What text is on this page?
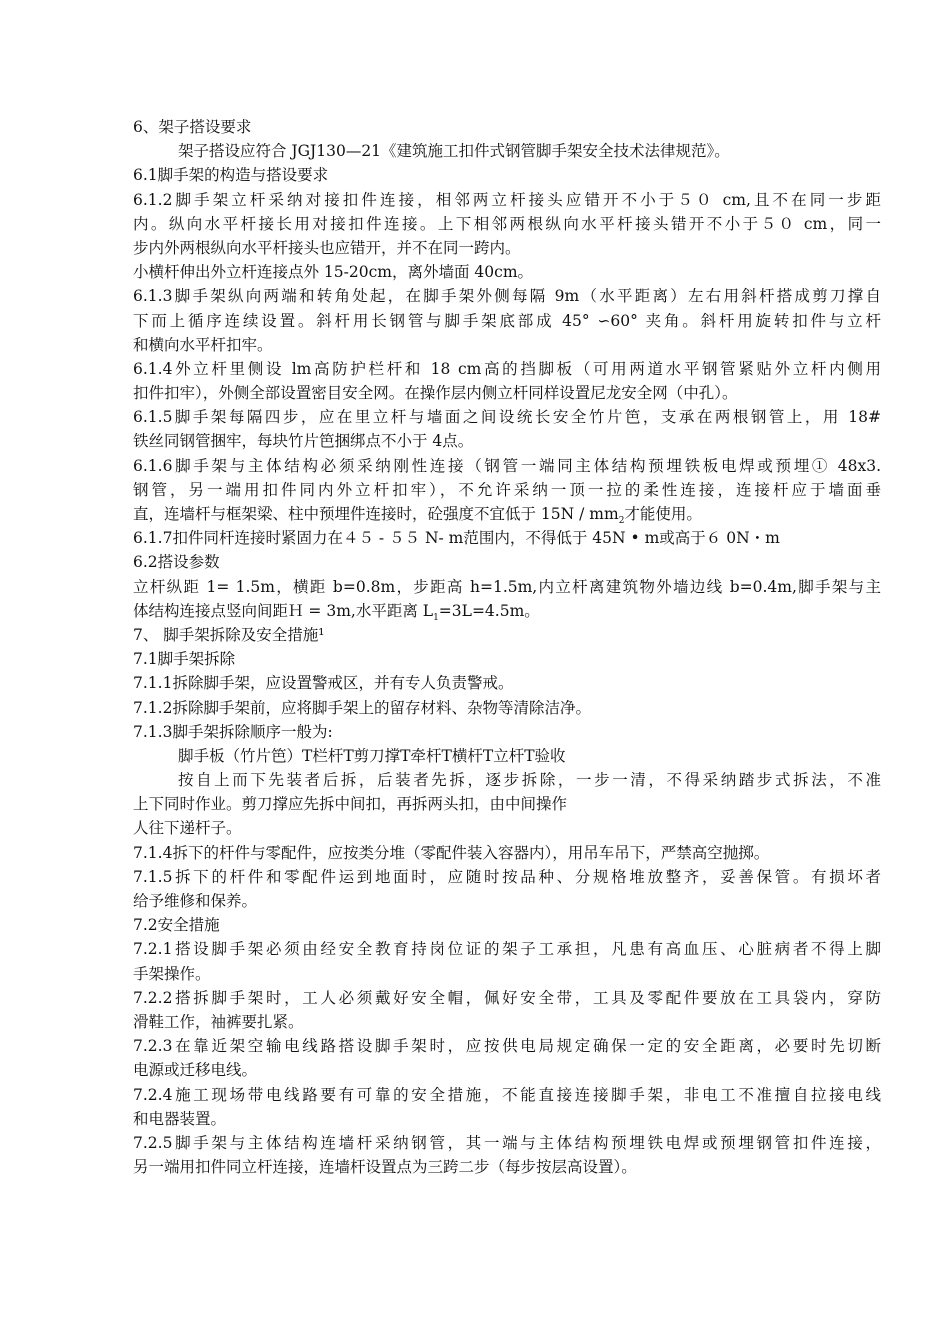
6、架子搭设要求
架子搭设应符合 JGJ130—21《建筑施工扣件式钢管脚手架安全技术法律规范》。
6.1脚手架的构造与搭设要求
6.1.2脚手架立杆采纳对接扣件连接，相邻两立杆接头应错开不小于５０ cm,且不在同一步距
内。纵向水平杆接长用对接扣件连接。上下相邻两根纵向水平杆接头错开不小于５０ cm，同一
步内外两根纵向水平杆接头也应错开，并不在同一跨内。
小横杆伸出外立杆连接点外 15-20cm，离外墙面 40cm。
6.1.3脚手架纵向两端和转角处起，在脚手架外侧每隔 9m（水平距离）左右用斜杆搭成剪刀撑自
下而上循序连续设置。斜杆用长钢管与脚手架底部成 45° ∽60° 夹角。斜杆用旋转扣件与立杆
和横向水平杆扣牢。
6.1.4外立杆里侧设 lm高防护栏杆和 18 cm高的挡脚板（可用两道水平钢管紧贴外立杆内侧用
扣件扣牢），外侧全部设置密目安全网。在操作层内侧立杆同样设置尼龙安全网（中孔）。
6.1.5脚手架每隔四步，应在里立杆与墙面之间设统长安全竹片笆，支承在两根钢管上，用 18#
铁丝同钢管捆牢，每块竹片笆捆绑点不小于 4点。
6.1.6脚手架与主体结构必须采纳刚性连接（钢管一端同主体结构预埋铁板电焊或预埋① 48x3.
钢管，另一端用扣件同内外立杆扣牢），不允许采纳一顶一拉的柔性连接，连接杆应于墙面垂
直，连墙杆与框架梁、柱中预埋件连接时，砼强度不宜低于 $15N / mm_2$才能使用。
6.1.7扣件同杆连接时紧固力在４５ - ５５ N- m范围内，不得低于 45N • m或高于６ 0N・m
6.2搭设参数
立杆纵距 1= 1.5m，横距 b=0.8m，步距高 h=1.5m,内立杆离建筑物外墙边线 b=0.4m,脚手架与主
体结构连接点竖向间距Ｈ = 3m,水平距离 $L_1=3L=4.5m$。
7、 脚手架拆除及安全措施¹
7.1脚手架拆除
7.1.1拆除脚手架，应设置警戒区，并有专人负责警戒。
7.1.2拆除脚手架前，应将脚手架上的留存材料、杂物等清除洁净。
7.1.3脚手架拆除顺序一般为:
脚手板（竹片笆）T栏杆T剪刀撑T牵杆T横杆T立杆T验收
按自上而下先装者后拆，后装者先拆，逐步拆除，一步一清，不得采纳踏步式拆法，不准
上下同时作业。剪刀撑应先拆中间扣，再拆两头扣，由中间操作
人往下递杆子。
7.1.4拆下的杆件与零配件，应按类分堆（零配件装入容器内），用吊车吊下，严禁高空抛掷。
7.1.5拆下的杆件和零配件运到地面时，应随时按品种、分规格堆放整齐，妥善保管。有损坏者
给予维修和保养。
7.2安全措施
7.2.1搭设脚手架必须由经安全教育持岗位证的架子工承担，凡患有高血压、心脏病者不得上脚
手架操作。
7.2.2搭拆脚手架时，工人必须戴好安全帽，佩好安全带，工具及零配件要放在工具袋内，穿防
滑鞋工作，袖裤要扎紧。
7.2.3在靠近架空输电线路搭设脚手架时，应按供电局规定确保一定的安全距离，必要时先切断
电源或迁移电线。
7.2.4施工现场带电线路要有可靠的安全措施，不能直接连接脚手架，非电工不准擅自拉接电线
和电器装置。
7.2.5脚手架与主体结构连墙杆采纳钢管，其一端与主体结构预埋铁电焊或预埋钢管扣件连接，
另一端用扣件同立杆连接，连墙杆设置点为三跨二步（每步按层高设置）。
